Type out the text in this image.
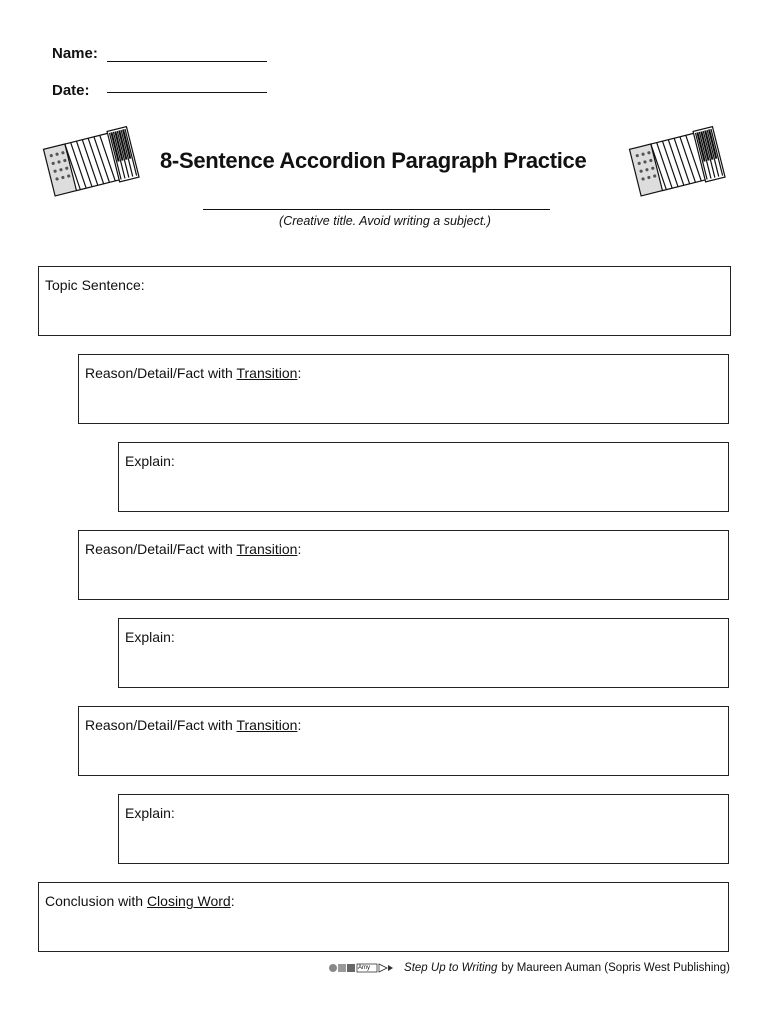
Name:
Date:
8-Sentence Accordion Paragraph Practice
(Creative title. Avoid writing a subject.)
Topic Sentence:
Reason/Detail/Fact with Transition:
Explain:
Reason/Detail/Fact with Transition:
Explain:
Reason/Detail/Fact with Transition:
Explain:
Conclusion with Closing Word:
Amy	Step Up to Writing by Maureen Auman (Sopris West Publishing)
